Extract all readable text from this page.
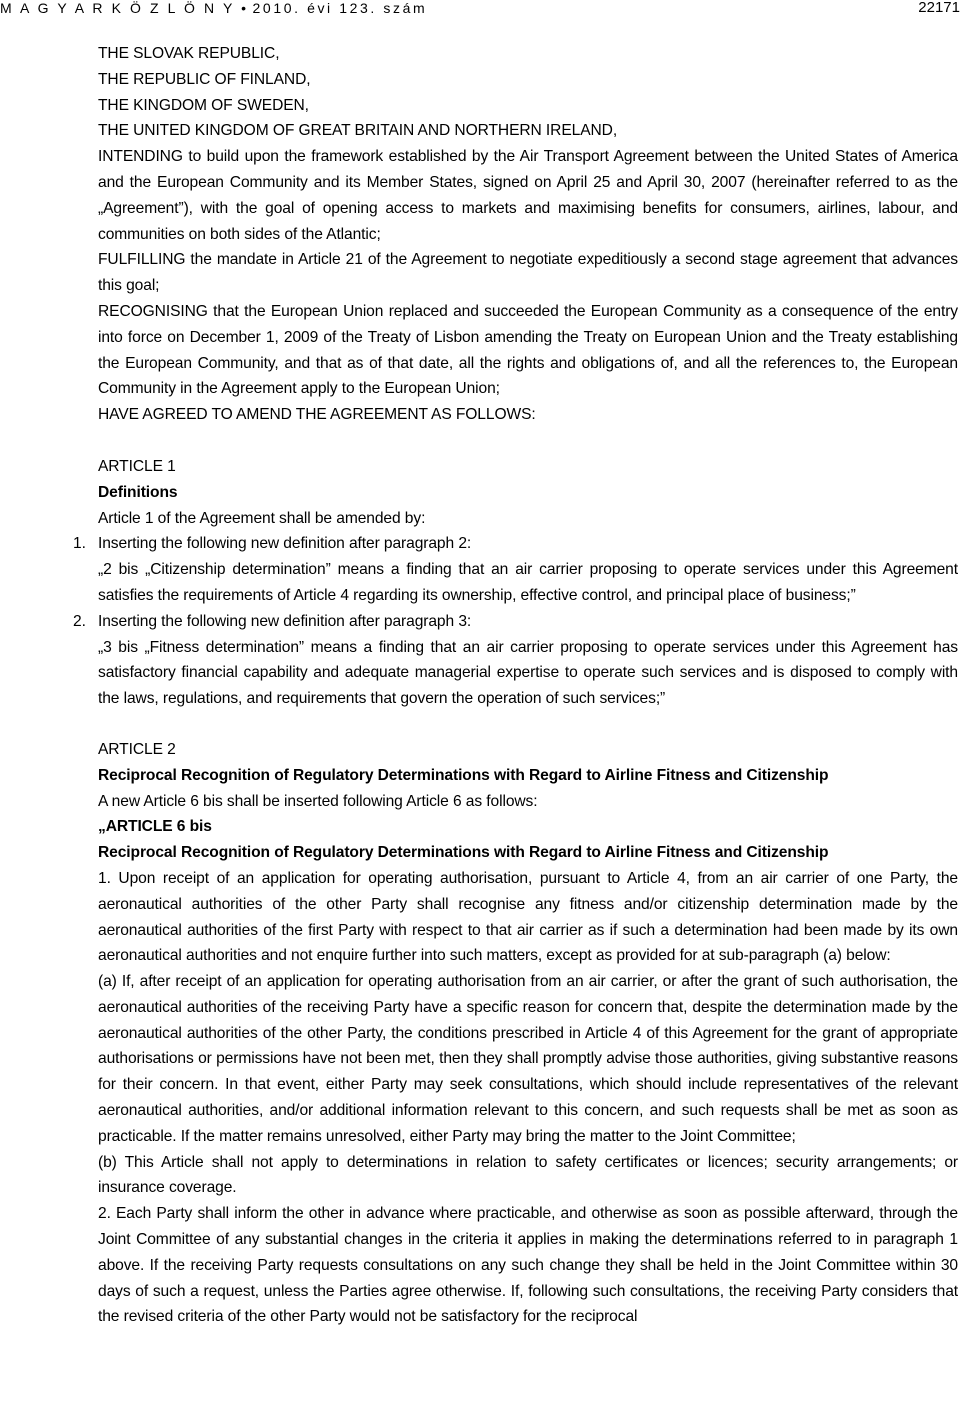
M A G Y A R K Ö Z L Ö N Y • 2010. évi 123. szám	22171

THE SLOVAK REPUBLIC,

THE REPUBLIC OF FINLAND,

THE KINGDOM OF SWEDEN,

THE UNITED KINGDOM OF GREAT BRITAIN AND NORTHERN IRELAND,

INTENDING to build upon the framework established by the Air Transport Agreement between the United States of America and the European Community and its Member States, signed on April 25 and April 30, 2007 (hereinafter referred to as the „Agreement”), with the goal of opening access to markets and maximising benefits for consumers, airlines, labour, and communities on both sides of the Atlantic;

FULFILLING the mandate in Article 21 of the Agreement to negotiate expeditiously a second stage agreement that advances this goal;

RECOGNISING that the European Union replaced and succeeded the European Community as a consequence of the entry into force on December 1, 2009 of the Treaty of Lisbon amending the Treaty on European Union and the Treaty establishing the European Community, and that as of that date, all the rights and obligations of, and all the references to, the European Community in the Agreement apply to the European Union;

HAVE AGREED TO AMEND THE AGREEMENT AS FOLLOWS:

ARTICLE 1

Definitions

Article 1 of the Agreement shall be amended by:

1. Inserting the following new definition after paragraph 2:

„2 bis „Citizenship determination” means a finding that an air carrier proposing to operate services under this Agreement satisfies the requirements of Article 4 regarding its ownership, effective control, and principal place of business;”

2. Inserting the following new definition after paragraph 3:

„3 bis „Fitness determination” means a finding that an air carrier proposing to operate services under this Agreement has satisfactory financial capability and adequate managerial expertise to operate such services and is disposed to comply with the laws, regulations, and requirements that govern the operation of such services;”

ARTICLE 2

Reciprocal Recognition of Regulatory Determinations with Regard to Airline Fitness and Citizenship

A new Article 6 bis shall be inserted following Article 6 as follows:

„ARTICLE 6 bis

Reciprocal Recognition of Regulatory Determinations with Regard to Airline Fitness and Citizenship

1. Upon receipt of an application for operating authorisation, pursuant to Article 4, from an air carrier of one Party, the aeronautical authorities of the other Party shall recognise any fitness and/or citizenship determination made by the aeronautical authorities of the first Party with respect to that air carrier as if such a determination had been made by its own aeronautical authorities and not enquire further into such matters, except as provided for at sub-paragraph (a) below:

(a) If, after receipt of an application for operating authorisation from an air carrier, or after the grant of such authorisation, the aeronautical authorities of the receiving Party have a specific reason for concern that, despite the determination made by the aeronautical authorities of the other Party, the conditions prescribed in Article 4 of this Agreement for the grant of appropriate authorisations or permissions have not been met, then they shall promptly advise those authorities, giving substantive reasons for their concern. In that event, either Party may seek consultations, which should include representatives of the relevant aeronautical authorities, and/or additional information relevant to this concern, and such requests shall be met as soon as practicable. If the matter remains unresolved, either Party may bring the matter to the Joint Committee;

(b) This Article shall not apply to determinations in relation to safety certificates or licences; security arrangements; or insurance coverage.

2. Each Party shall inform the other in advance where practicable, and otherwise as soon as possible afterward, through the Joint Committee of any substantial changes in the criteria it applies in making the determinations referred to in paragraph 1 above. If the receiving Party requests consultations on any such change they shall be held in the Joint Committee within 30 days of such a request, unless the Parties agree otherwise. If, following such consultations, the receiving Party considers that the revised criteria of the other Party would not be satisfactory for the reciprocal
